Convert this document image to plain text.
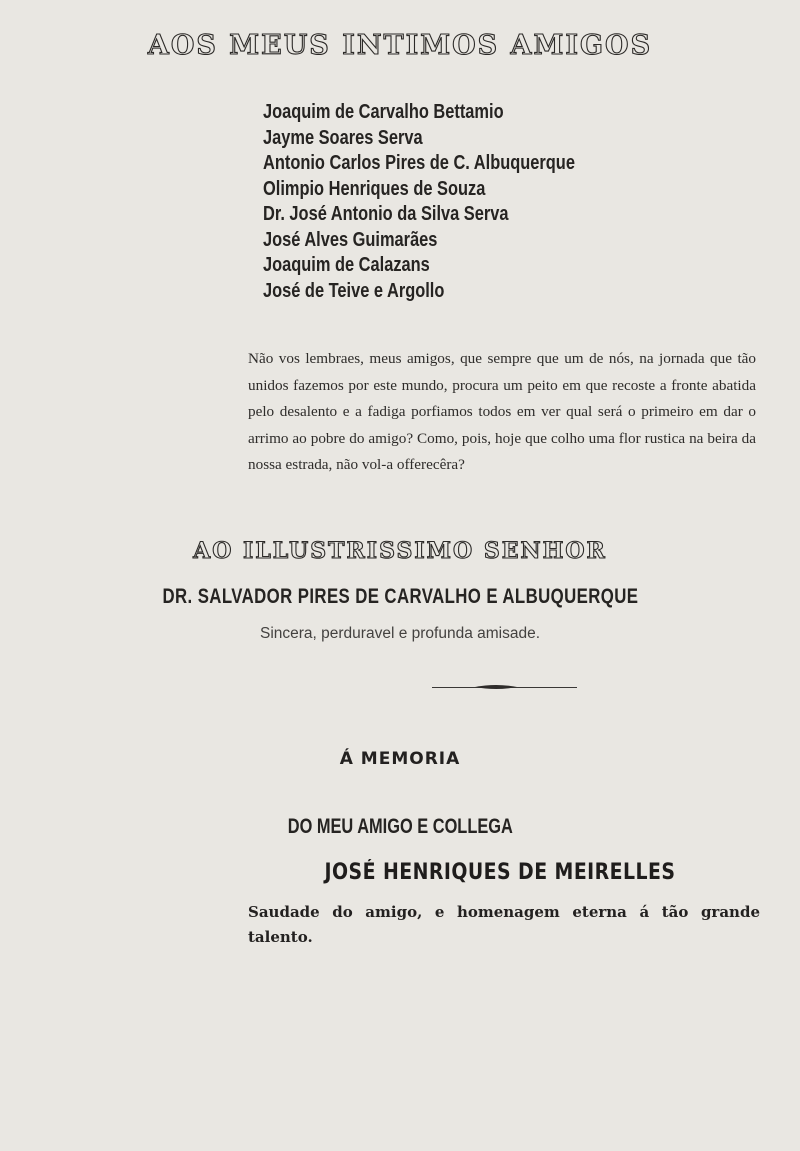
AOS MEUS INTIMOS AMIGOS
Joaquim de Carvalho Bettamio
Jayme Soares Serva
Antonio Carlos Pires de C. Albuquerque
Olimpio Henriques de Souza
Dr. José Antonio da Silva Serva
José Alves Guimarães
Joaquim de Calazans
José de Teive e Argollo
Não vos lembraes, meus amigos, que sempre que um de nós, na jornada que tão unidos fazemos por este mundo, procura um peito em que recoste a fronte abatida pelo desalento e a fadiga porfiamos todos em ver qual será o primeiro em dar o arrimo ao pobre do amigo? Como, pois, hoje que colho uma flor rustica na beira da nossa estrada, não vol-a offerecêra?
AO ILLUSTRISSIMO SENHOR
DR. SALVADOR PIRES DE CARVALHO E ALBUQUERQUE
Sincera, perduravel e profunda amisade.
Á MEMORIA
DO MEU AMIGO E COLLEGA
JOSÉ HENRIQUES DE MEIRELLES
Saudade do amigo, e homenagem eterna á tão grande talento.
